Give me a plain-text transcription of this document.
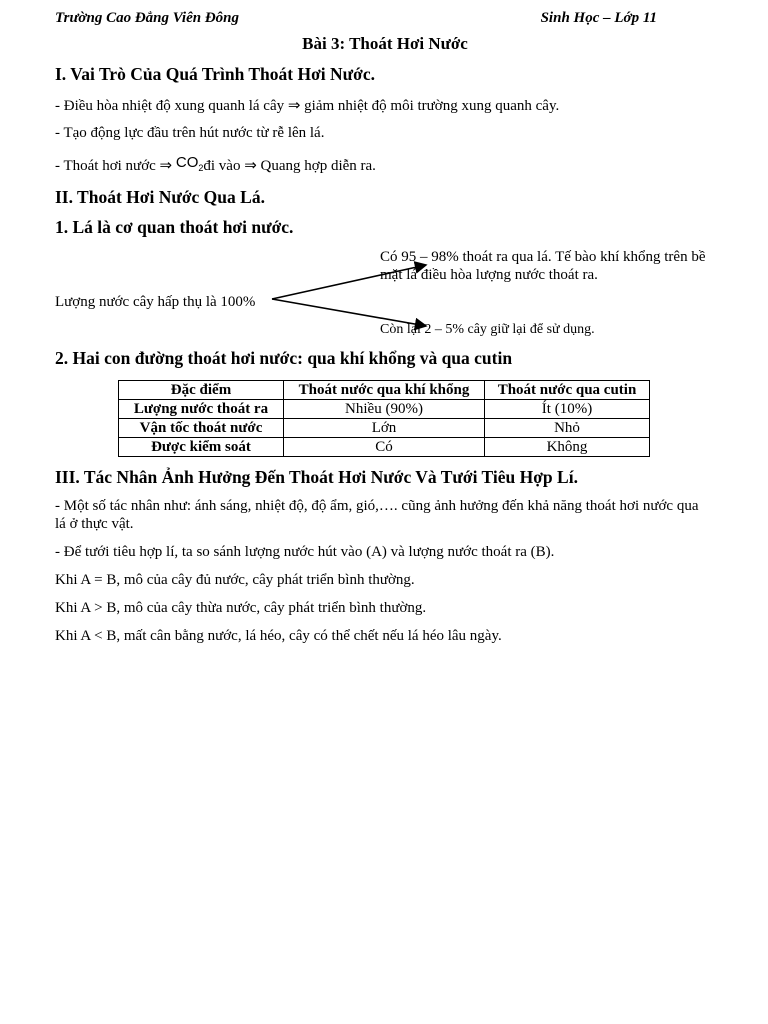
Trường Cao Đẳng Viên Đông	Sinh Học – Lớp 11
Bài 3: Thoát Hơi Nước
I. Vai Trò Của Quá Trình Thoát Hơi Nước.
- Điều hòa nhiệt độ xung quanh lá cây ⇒ giảm nhiệt độ môi trường xung quanh cây.
- Tạo động lực đầu trên hút nước từ rễ lên lá.
- Thoát hơi nước ⇒ $CO_2đi$ vào ⇒ Quang hợp diễn ra.
II. Thoát Hơi Nước Qua Lá.
1. Lá là cơ quan thoát hơi nước.
Lượng nước cây hấp thụ là 100%
Có 95 – 98% thoát ra qua lá. Tế bào khí khổng trên bề mặt lá điều hòa lượng nước thoát ra.
Còn lại 2 – 5% cây giữ lại để sử dụng.
2. Hai con đường thoát hơi nước: qua khí khổng và qua cutin
Đặc điểm	Thoát nước qua khí khổng	Thoát nước qua cutin
Lượng nước thoát ra	Nhiều (90%)	Ít (10%)
Vận tốc thoát nước	Lớn	Nhỏ
Được kiểm soát	Có	Không
III. Tác Nhân Ảnh Hưởng Đến Thoát Hơi Nước Và Tưới Tiêu Hợp Lí.
- Một số tác nhân như: ánh sáng, nhiệt độ, độ ẩm, gió,…. cũng ảnh hưởng đến khả năng thoát hơi nước qua lá ở thực vật.
- Để tưới tiêu hợp lí, ta so sánh lượng nước hút vào (A) và lượng nước thoát ra (B).
Khi A = B, mô của cây đủ nước, cây phát triển bình thường.
Khi A > B, mô của cây thừa nước, cây phát triển bình thường.
Khi A < B, mất cân bằng nước, lá héo, cây có thể chết nếu lá héo lâu ngày.
